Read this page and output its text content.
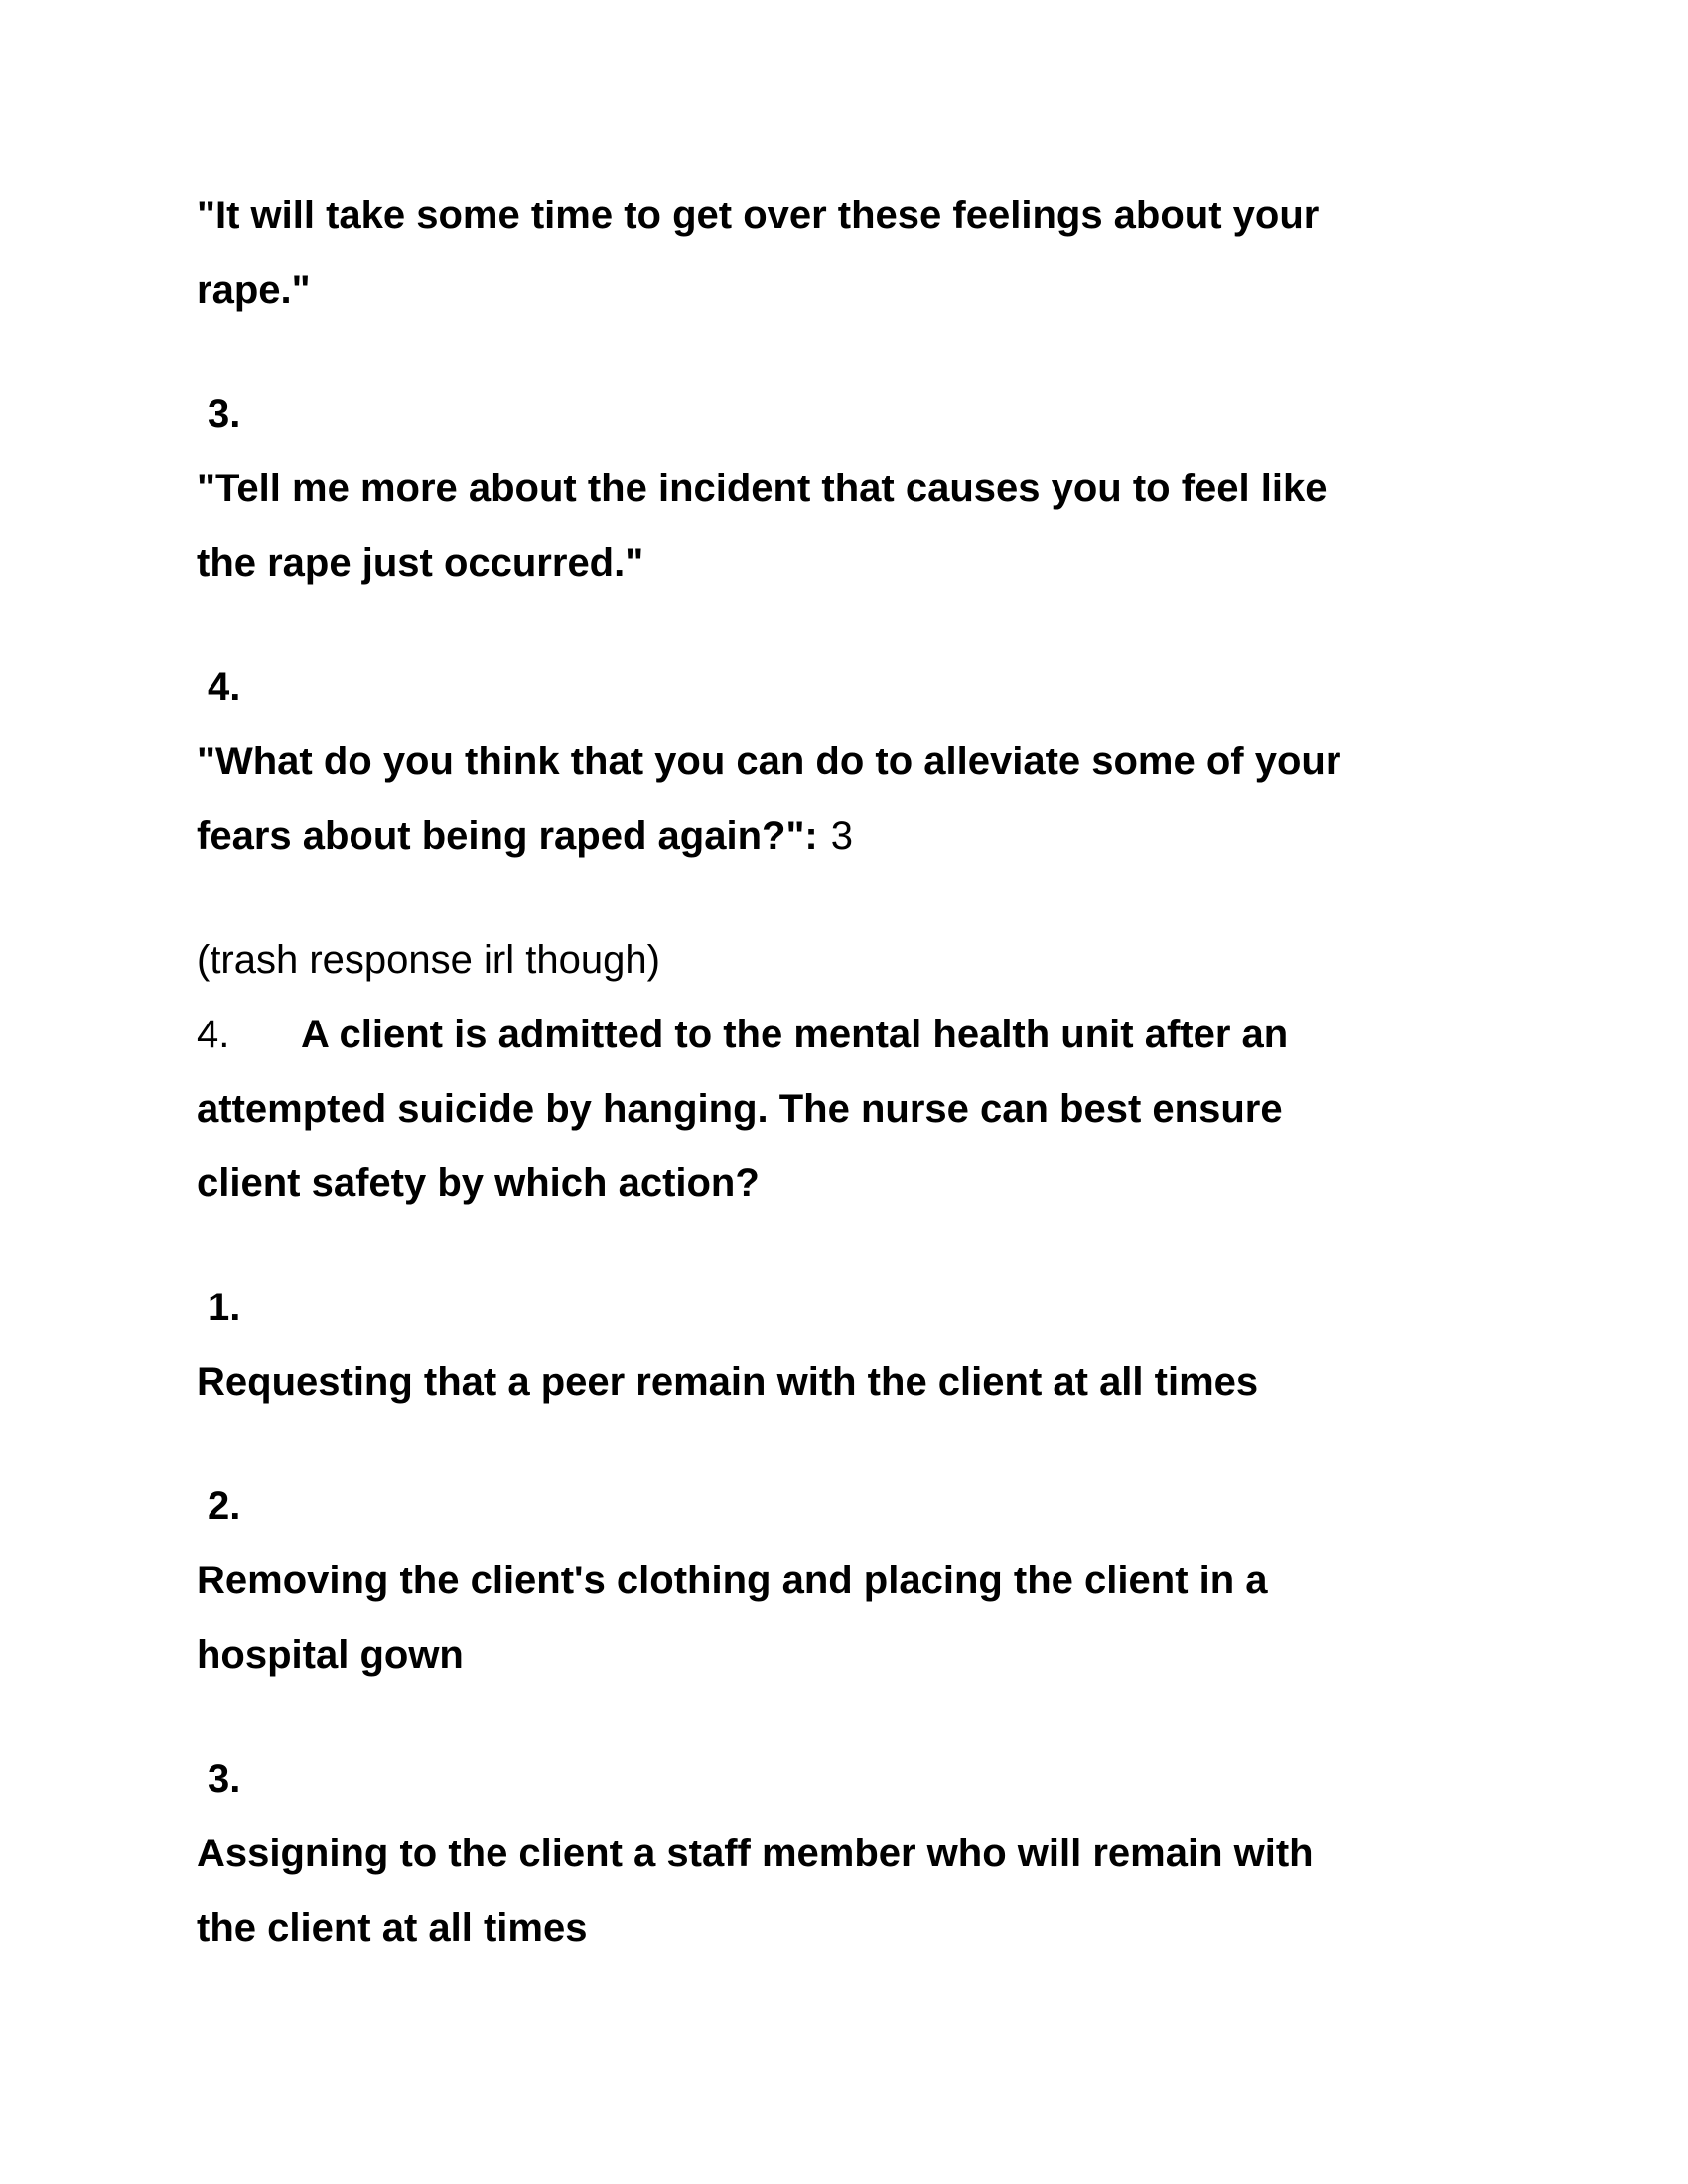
"It will take some time to get over these feelings about your
rape."
3.
"Tell me more about the incident that causes you to feel like
the rape just occurred."
4.
"What do you think that you can do to alleviate some of your
fears about being raped again?": 3
(trash response irl though)
4. A client is admitted to the mental health unit after an
attempted suicide by hanging. The nurse can best ensure
client safety by which action?
1.
Requesting that a peer remain with the client at all times
2.
Removing the client's clothing and placing the client in a
hospital gown
3.
Assigning to the client a staff member who will remain with
the client at all times
